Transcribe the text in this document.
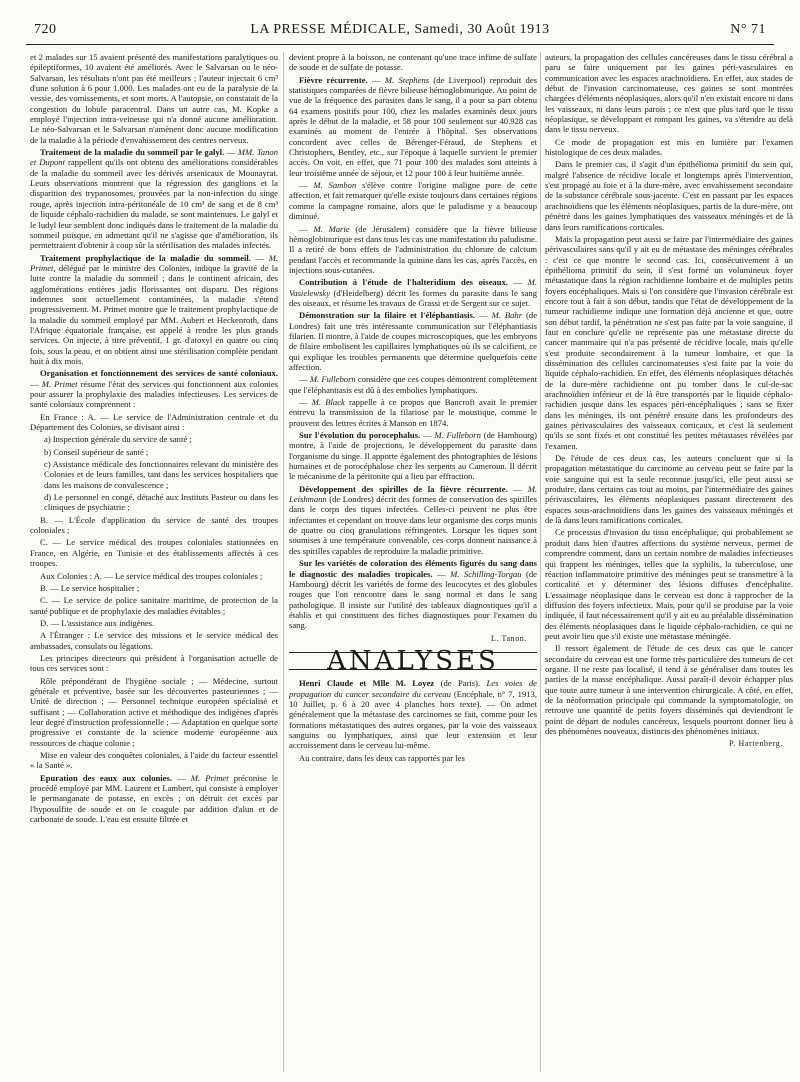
720	LA PRESSE MÉDICALE, Samedi, 30 Août 1913	N° 71

et 2 malades sur 15 avaient présenté des manifestations paralytiques ou épileptiformes, 10 avaient été améliorés. Avec le Salvarsan ou le néo-Salvarsan, les résultats n'ont pas été meilleurs ; l'auteur injectait 6 cm³ d'une solution à 6 pour 1.000. Les malades ont eu de la paralysie de la vessie, des vomissements, et sont morts. A l'autopsie, on constatait de la congestion du lobule paracentral. Dans un autre cas, M. Kopke a employé l'injection intra-veineuse qui n'a donné aucune amélioration. Le néo-Salvarsan et le Salvarsan n'amènent donc aucune modification de la maladie à la période d'envahissement des centres nerveux.

Traitement de la maladie du sommeil par le galyl. — MM. Tanon et Dupont rappellent qu'ils ont obtenu des améliorations considérables de la maladie du sommeil avec les dérivés arsenicaux de Mounayrat. Leurs observations montrent que la régression des ganglions et la disparition des trypanosomes, prouvées par la non-infection du singe rouge, après injection intra-péritonéale de 10 cm³ de sang et de 8 cm³ de liquide céphalo-rachidien du malade, se sont maintenues. Le galyl et le ludyl leur semblent donc indiqués dans le traitement de la maladie du sommeil puisque, en admettant qu'il ne s'agisse que d'amélioration, ils permettraient d'obtenir à coup sûr la stérilisation des malades infectés.

Traitement prophylactique de la maladie du sommeil. — M. Primet, délégué par le ministre des Colonies, indique la gravité de la lutte contre la maladie du sommeil ; dans le continent africain, des agglomérations entières jadis florissantes ont disparu. Des régions indemnes sont actuellement contaminées, la maladie s'étend progressivement. M. Primet montre que le traitement prophylactique de la maladie du sommeil employé par MM. Aubert et Heckenroth, dans l'Afrique équatoriale française, est appelé à rendre les plus grands services. On injecte, à titre préventif, 1 gr. d'atoxyl en quatre ou cinq fois, sous la peau, et on obtient ainsi une stérilisation complète pendant huit à dix mois.

Organisation et fonctionnement des services de santé coloniaux. — M. Primet résume l'état des services qui fonctionnent aux colonies pour assurer la prophylaxie des maladies infectieuses. Les services de santé coloniaux comprennent :

En France : A. — Le service de l'Administration centrale et du Département des Colonies, se divisant ainsi :

a) Inspection générale du service de santé ;

b) Conseil supérieur de santé ;

c) Assistance médicale des fonctionnaires relevant du ministère des Colonies et de leurs familles, tant dans les services hospitaliers que dans les maisons de convalescence ;

d) Le personnel en congé, détaché aux Instituts Pasteur ou dans les cliniques de psychiatrie ;

B. — L'École d'application du service de santé des troupes coloniales ;

C. — Le service médical des troupes coloniales stationnées en France, en Algérie, en Tunisie et des établissements affectés à ces troupes.

Aux Colonies : A. — Le service médical des troupes coloniales ;

B. — Le service hospitalier ;

C. — Le service de police sanitaire maritime, de protection de la santé publique et de prophylaxie des maladies évitables ;

D. — L'assistance aux indigènes.

A l'Étranger : Le service des missions et le service médical des ambassades, consulats ou légations.

Les principes directeurs qui président à l'organisation actuelle de tous ces services sont :

Rôle prépondérant de l'hygiène sociale ; — Médecine, surtout générale et préventive, basée sur les découvertes pasteuriennes ; — Unité de direction ; — Personnel technique européen spécialisé et suffisant ; — Collaboration active et méthodique des indigènes d'après leur degré d'instruction professionnelle ; — Adaptation en quelque sorte progressive et constante de la science moderne européenne aux ressources de chaque colonie ;

Mise en valeur des conquêtes coloniales, à l'aide du facteur essentiel « la Santé ».

Epuration des eaux aux colonies. — M. Primet préconise le procédé employé par MM. Laurent et Lambert, qui consiste à employer le permanganate de potasse, en excès ; on détruit cet excès par l'hyposulfite de soude et on le coagule par addition d'alun et de carbonate de soude. L'eau est ensuite filtrée et

devient propre à la boisson, ne contenant qu'une trace infime de sulfate de soude et de sulfate de potasse.

Fièvre récurrente. — M. Stephens (de Liverpool) reproduit des statistiques comparées de fièvre bilieuse hémoglobinurique. Au point de vue de la fréquence des parasites dans le sang, il a pour sa part obtenu 64 examens positifs pour 100, chez les malades examinés deux jours après le début de la maladie, et 58 pour 100 seulement sur 40.928 cas examinés au moment de l'entrée à l'hôpital. Ses observations concordent avec celles de Bérenger-Féraud, de Stephens et Christophers, Bentley, etc., sur l'époque à laquelle survient le premier accès. On voit, en effet, que 71 pour 100 des malades sont atteints à leur troisième année de séjour, et 12 pour 100 à leur huitième année.

— M. Sambon s'élève contre l'origine maligne pure de cette affection, et fait remarquer qu'elle existe toujours dans certaines régions comme la campagne romaine, alors que le paludisme y a beaucoup diminué.

— M. Marie (de Jérusalem) considère que la fièvre bilieuse hémoglobinurique est dans tous les cas une manifestation du paludisme. Il a retiré de bons effets de l'administration du chlorure de calcium pendant l'accès et recommande la quinine dans les cas, après l'accès, en injections sous-cutanées.

Contribution à l'étude de l'halteridium des oiseaux. — M. Vasielewsky (d'Heidelberg) décrit les formes du parasite dans le sang des oiseaux, et résume les travaux de Grassi et de Sergent sur ce sujet.

Démonstration sur la filaire et l'éléphantiasis. — M. Bahr (de Londres) fait une très intéressante communication sur l'éléphantiasis filarien. Il montre, à l'aide de coupes microscopiques, que les embryons de filaire embolisent les capillaires lymphatiques où ils se calcifient, ce qui explique les troubles permanents que détermine quelquefois cette affection.

— M. Fulleborn considère que ces coupes démontrent complètement que l'éléphantiasis est dû à des embolies lymphatiques.

— M. Black rappelle à ce propos que Bancroft avait le premier entrevu la transmission de la filariose par le moustique, comme le prouvent des lettres écrites à Manson en 1874.

Sur l'évolution du porocephalus. — M. Fulleborn (de Hambourg) montre, à l'aide de projections, le développement du parasite dans l'organisme du singe. Il apporte également des photographies de lésions humaines et de porocéphalose chez les serpents au Cameroun. Il décrit le mécanisme de la péritonite qui a lieu par effraction.

Développement des spirilles de la fièvre récurrente. — M. Leishmann (de Londres) décrit des formes de conservation des spirilles dans le corps des tiques infectées. Celles-ci peuvent ne plus être infectantes et cependant on trouve dans leur organisme des corps munis de quatre ou cinq granulations réfringentes. Lorsque les tiques sont soumises à une température convenable, ces corps donnent naissance à des spirilles capables de reproduire la maladie primitive.

Sur les variétés de coloration des éléments figurés du sang dans le diagnostic des maladies tropicales. — M. Schilling-Torgau (de Hambourg) décrit les variétés de forme des leucocytes et des globules rouges que l'on rencontre dans le sang normal et dans le sang pathologique. Il insiste sur l'utilité des tableaux diagnostiques qu'il a établis et qui constituent des fiches diagnostiques pour l'examen du sang.

L. Tanon.
ANALYSES

Henri Claude et Mlle M. Loyez (de Paris). Les voies de propagation du cancer secondaire du cerveau (Encéphale, n° 7, 1913, 10 Juillet, p. 6 à 20 avec 4 planches hors texte). — On admet généralement que la métastase des carcinomes se fait, comme pour les formations métastatiques des autres organes, par la voie des vaisseaux sanguins ou lymphatiques, ainsi que leur extension et leur accroissement dans le cerveau lui-même.

Au contraire, dans les deux cas rapportés par les

auteurs, la propagation des cellules cancéreuses dans le tissu cérébral a paru se faire uniquement par les gaines péri-vasculaires en communication avec les espaces arachnoïdiens. En effet, aux stades de début de l'invasion carcinomateuse, ces gaines se sont montrées chargées d'éléments néoplasiques, alors qu'il n'en existait encore ni dans les vaisseaux, ni dans leurs parois ; ce n'est que plus tard que le tissu néoplasique, se développant et rompant les gaines, va s'étendre au delà dans le tissu nerveux.

Ce mode de propagation est mis en lumière par l'examen histologique de ces deux malades.

Dans le premier cas, il s'agit d'un épithélioma primitif du sein qui, malgré l'absence de récidive locale et longtemps après l'intervention, s'est propagé au foie et à la dure-mère, avec envahissement secondaire de la substance cérébrale sous-jacente. C'est en passant par les espaces arachnoïdiens que les éléments néoplasiques, partis de la dure-mère, ont pénétré dans les gaines lymphatiques des vaisseaux méningés et de là dans leurs ramifications corticales.

Mais la propagation peut aussi se faire par l'intermédiaire des gaines périvasculaires sans qu'il y ait eu de métastase des méninges cérébrales : c'est ce que montre le second cas. Ici, consécutivement à un épithélioma primitif du sein, il s'est formé un volumineux foyer métastatique dans la région rachidienne lombaire et de multiples petits foyers encéphaliques. Mais si l'on considère que l'invasion cérébrale est encore tout à fait à son début, tandis que l'état de développement de la tumeur rachidienne indique une formation déjà ancienne et que, outre son début tardif, la pénétration ne s'est pas faite par la voie sanguine, il faut en conclure qu'elle ne représente pas une métastase directe du cancer mammaire qui n'a pas présenté de récidive locale, mais qu'elle s'est produite secondairement à la tumeur lombaire, et que la dissémination des cellules carcinomateuses s'est faite par la voie du liquide céphalo-rachidien. En effet, des éléments néoplasiques détachés de la dure-mère rachidienne ont pu tomber dans le cul-de-sac arachnoïdien inférieur et de là être transportés par le liquide céphalo-rachidien jusque dans les espaces péri-encéphaliques ; sans se fixer dans les méninges, ils ont pénétré ensuite dans les profondeurs des gaines périvasculaires des vaisseaux corticaux, et c'est là seulement qu'ils se sont fixés et ont constitué les petites métastases révélées par l'examen.

De l'étude de ces deux cas, les auteurs concluent que si la propagation métastatique du carcinome au cerveau peut se faire par la voie sanguine qui est la seule reconnue jusqu'ici, elle peut aussi se produire, dans certains cas tout au moins, par l'intermédiaire des gaines périvasculaires, les éléments néoplasiques passant directement des espaces sous-arachnoïdiens dans les gaines des vaisseaux méningés et de là dans leurs ramifications corticales.

Ce processus d'invasion du tissu encéphalique, qui probablement se produit dans bien d'autres affections du système nerveux, permet de comprendre comment, dans un certain nombre de maladies infectieuses qui frappent les méninges, telles que la syphilis, la tuberculose, une réaction inflammatoire primitive des méninges peut se transmettre à la corticalité et y déterminer des lésions diffuses d'encéphalite. L'essaimage néoplasique dans le cerveau est donc à rapprocher de la diffusion des foyers infectieux. Mais, pour qu'il se produise par la voie indiquée, il faut nécessairement qu'il y ait eu au préalable dissémination des éléments néoplasiques dans le liquide céphalo-rachidien, ce qui ne peut avoir lieu que s'il existe une métastase méningée.

Il ressort également de l'étude de ces deux cas que le cancer secondaire du cerveau est une forme très particulière des tumeurs de cet organe. Il ne reste pas localisé, il tend à se généraliser dans toutes les parties de la masse encéphalique. Aussi paraît-il devoir échapper plus que toute autre tumeur à une intervention chirurgicale. A côté, en effet, de la néoformation principale qui commande la symptomatologie, on retrouve une quantité de petits foyers disséminés qui deviendront le point de départ de nodules cancéreux, lesquels pourront donner lieu à des phénomènes nouveaux, distincts des phénomènes initiaux.

P. Hartenberg.
